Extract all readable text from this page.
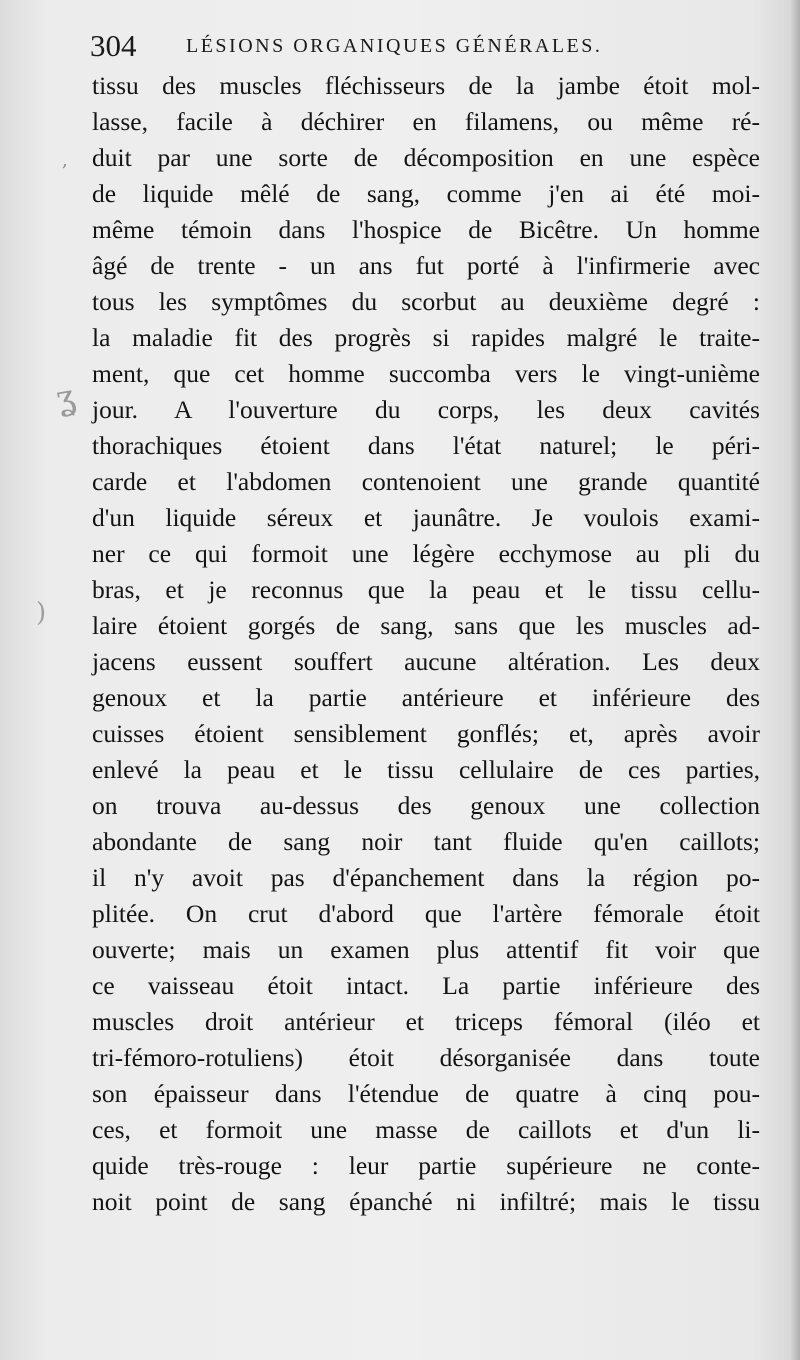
304 LÉSIONS ORGANIQUES GÉNÉRALES.
,
ʓ
)
tissu des muscles fléchisseurs de la jambe étoit mol-
lasse, facile à déchirer en filamens, ou même ré-
duit par une sorte de décomposition en une espèce
de liquide mêlé de sang, comme j'en ai été moi-
même témoin dans l'hospice de Bicêtre. Un homme
âgé de trente - un ans fut porté à l'infirmerie avec
tous les symptômes du scorbut au deuxième degré :
la maladie fit des progrès si rapides malgré le traite-
ment, que cet homme succomba vers le vingt-unième
jour. A l'ouverture du corps, les deux cavités
thorachiques étoient dans l'état naturel; le péri-
carde et l'abdomen contenoient une grande quantité
d'un liquide séreux et jaunâtre. Je voulois exami-
ner ce qui formoit une légère ecchymose au pli du
bras, et je reconnus que la peau et le tissu cellu-
laire étoient gorgés de sang, sans que les muscles ad-
jacens eussent souffert aucune altération. Les deux
genoux et la partie antérieure et inférieure des
cuisses étoient sensiblement gonflés; et, après avoir
enlevé la peau et le tissu cellulaire de ces parties,
on trouva au-dessus des genoux une collection
abondante de sang noir tant fluide qu'en caillots;
il n'y avoit pas d'épanchement dans la région po-
plitée. On crut d'abord que l'artère fémorale étoit
ouverte; mais un examen plus attentif fit voir que
ce vaisseau étoit intact. La partie inférieure des
muscles droit antérieur et triceps fémoral (iléo et
tri-fémoro-rotuliens) étoit désorganisée dans toute
son épaisseur dans l'étendue de quatre à cinq pou-
ces, et formoit une masse de caillots et d'un li-
quide très-rouge : leur partie supérieure ne conte-
noit point de sang épanché ni infiltré; mais le tissu
